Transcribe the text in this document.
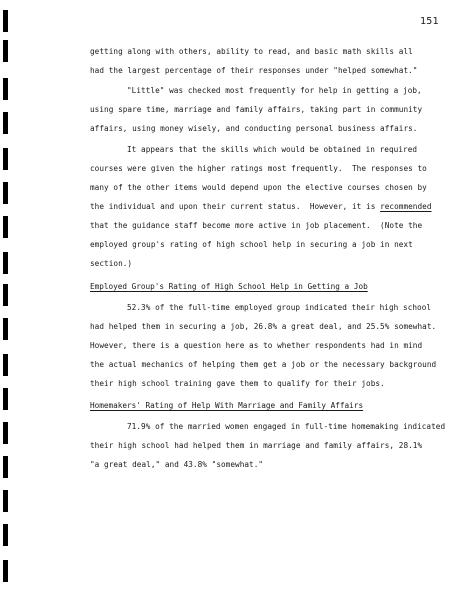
151
getting along with others, ability to read, and basic math skills all
had the largest percentage of their responses under "helped somewhat."
"Little" was checked most frequently for help in getting a job,
using spare time, marriage and family affairs, taking part in community
affairs, using money wisely, and conducting personal business affairs.
It appears that the skills which would be obtained in required
courses were given the higher ratings most frequently.  The responses to
many of the other items would depend upon the elective courses chosen by
the individual and upon their current status.  However, it is recommended
that the guidance staff become more active in job placement.  (Note the
employed group's rating of high school help in securing a job in next
section.)
Employed Group's Rating of High School Help in Getting a Job
52.3% of the full-time employed group indicated their high school
had helped them in securing a job, 26.8% a great deal, and 25.5% somewhat.
However, there is a question here as to whether respondents had in mind
the actual mechanics of helping them get a job or the necessary background
their high school training gave them to qualify for their jobs.
Homemakers' Rating of Help With Marriage and Family Affairs
71.9% of the married women engaged in full-time homemaking indicated
their high school had helped them in marriage and family affairs, 28.1%
"a great deal," and 43.8% "somewhat."
